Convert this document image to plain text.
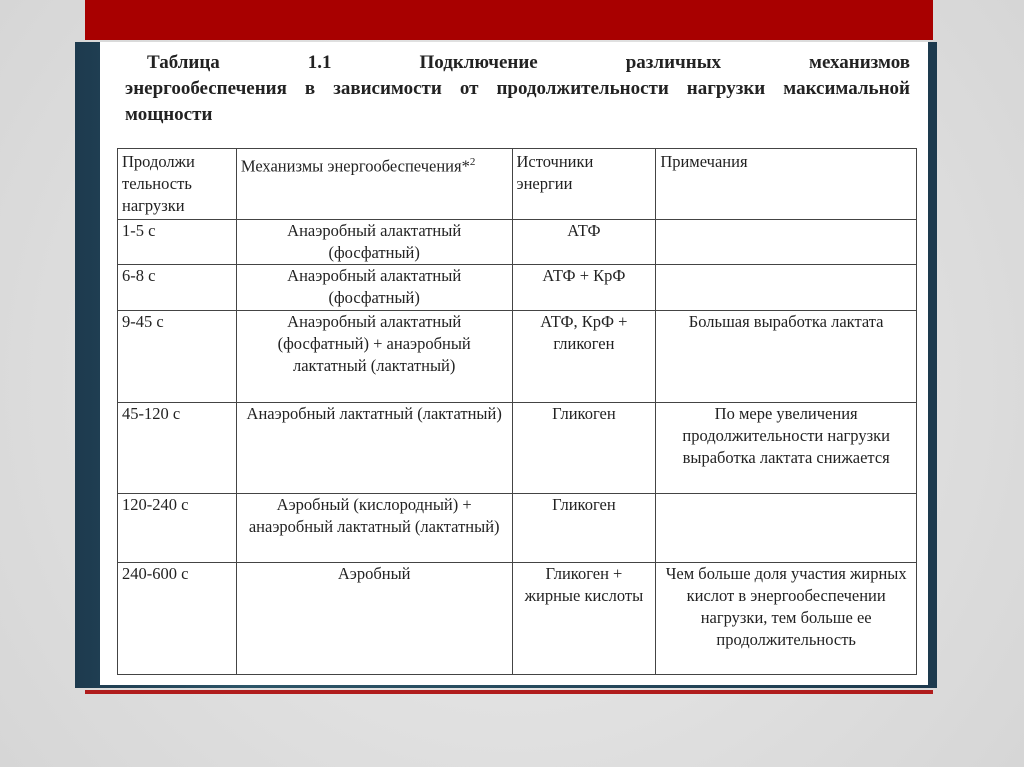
Таблица	1.1	Подключение	различных	механизмов
энергообеспечения в зависимости от продолжительности нагрузки максимальной мощности
Продолжи тельность нагрузки	Механизмы энергообеспечения*$^2$	Источники энергии	Примечания
1-5 с	Анаэробный алактатный (фосфатный)	АТФ	
6-8 с	Анаэробный алактатный (фосфатный)	АТФ + КрФ	
9-45 с	Анаэробный алактатный (фосфатный) + анаэробный лактатный (лактатный)	АТФ, КрФ + гликоген	Большая выработка лактата
45-120 с	Анаэробный лактатный (лактатный)	Гликоген	По мере увеличения продолжительности нагрузки выработка лактата снижается
120-240 с	Аэробный (кислородный) + анаэробный лактатный (лактатный)	Гликоген	
240-600 с	Аэробный	Гликоген + жирные кислоты	Чем больше доля участия жирных кислот в энергообеспечении нагрузки, тем больше ее продолжительность
